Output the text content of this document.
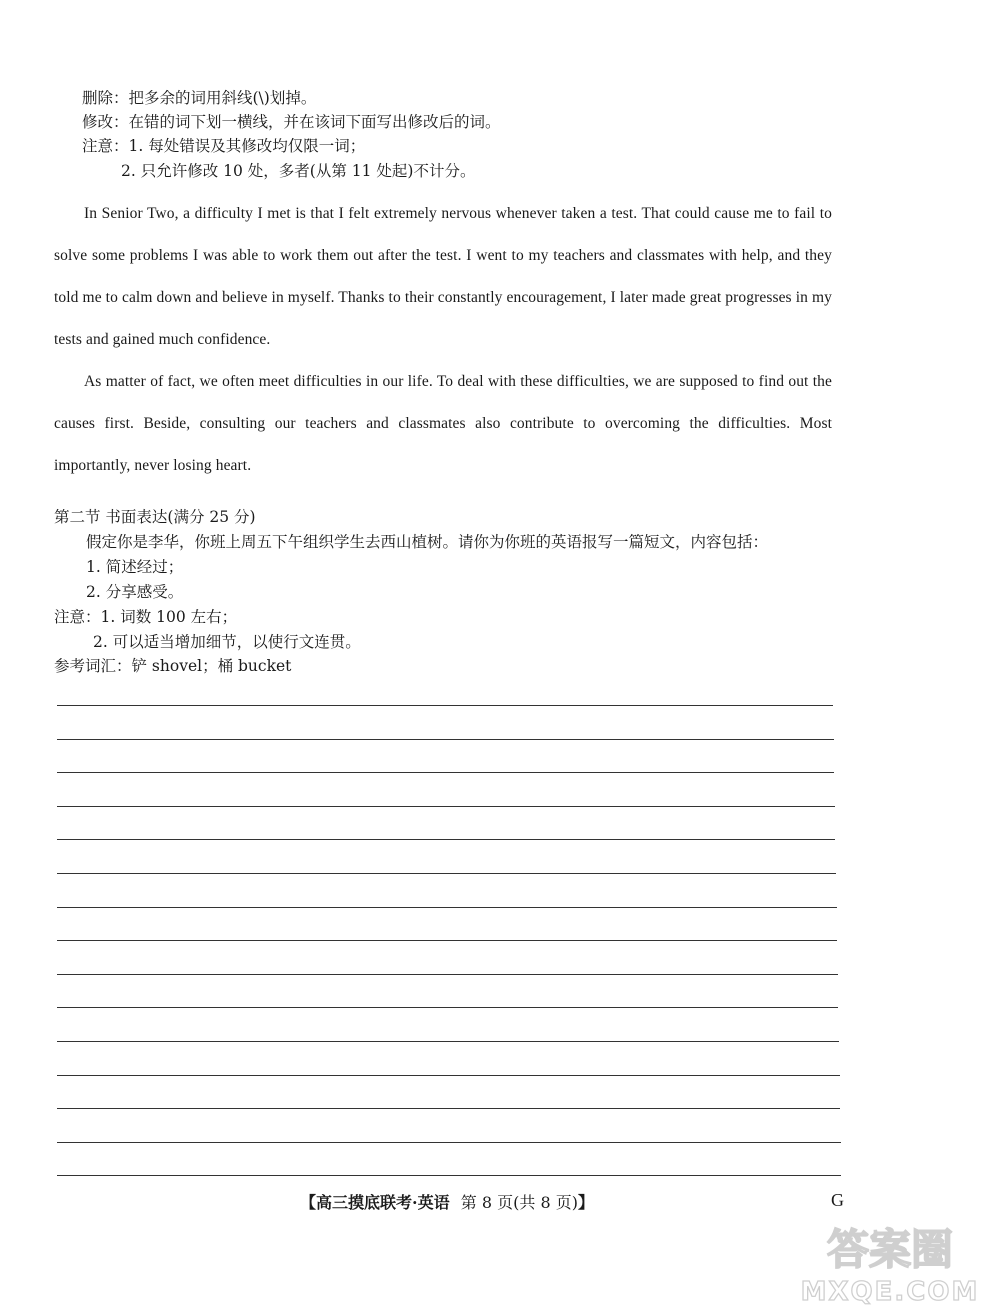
删除：把多余的词用斜线(\)划掉。
修改：在错的词下划一横线，并在该词下面写出修改后的词。
注意：1. 每处错误及其修改均仅限一词；
2. 只允许修改 10 处，多者(从第 11 处起)不计分。
In Senior Two, a difficulty I met is that I felt extremely nervous whenever taken a test. That could cause me to fail to solve some problems I was able to work them out after the test. I went to my teachers and classmates with help, and they told me to calm down and believe in myself. Thanks to their constantly encouragement, I later made great progresses in my tests and gained much confidence.
As matter of fact, we often meet difficulties in our life. To deal with these difficulties, we are supposed to find out the causes first. Beside, consulting our teachers and classmates also contribute to overcoming the difficulties. Most importantly, never losing heart.
第二节 书面表达(满分 25 分)
假定你是李华，你班上周五下午组织学生去西山植树。请你为你班的英语报写一篇短文，内容包括：
1. 简述经过；
2. 分享感受。
注意：1. 词数 100 左右；
2. 可以适当增加细节，以使行文连贯。
参考词汇：铲 shovel；桶 bucket
【高三摸底联考·英语 第 8 页(共 8 页)】	G
答案圈
MXQE.COM
